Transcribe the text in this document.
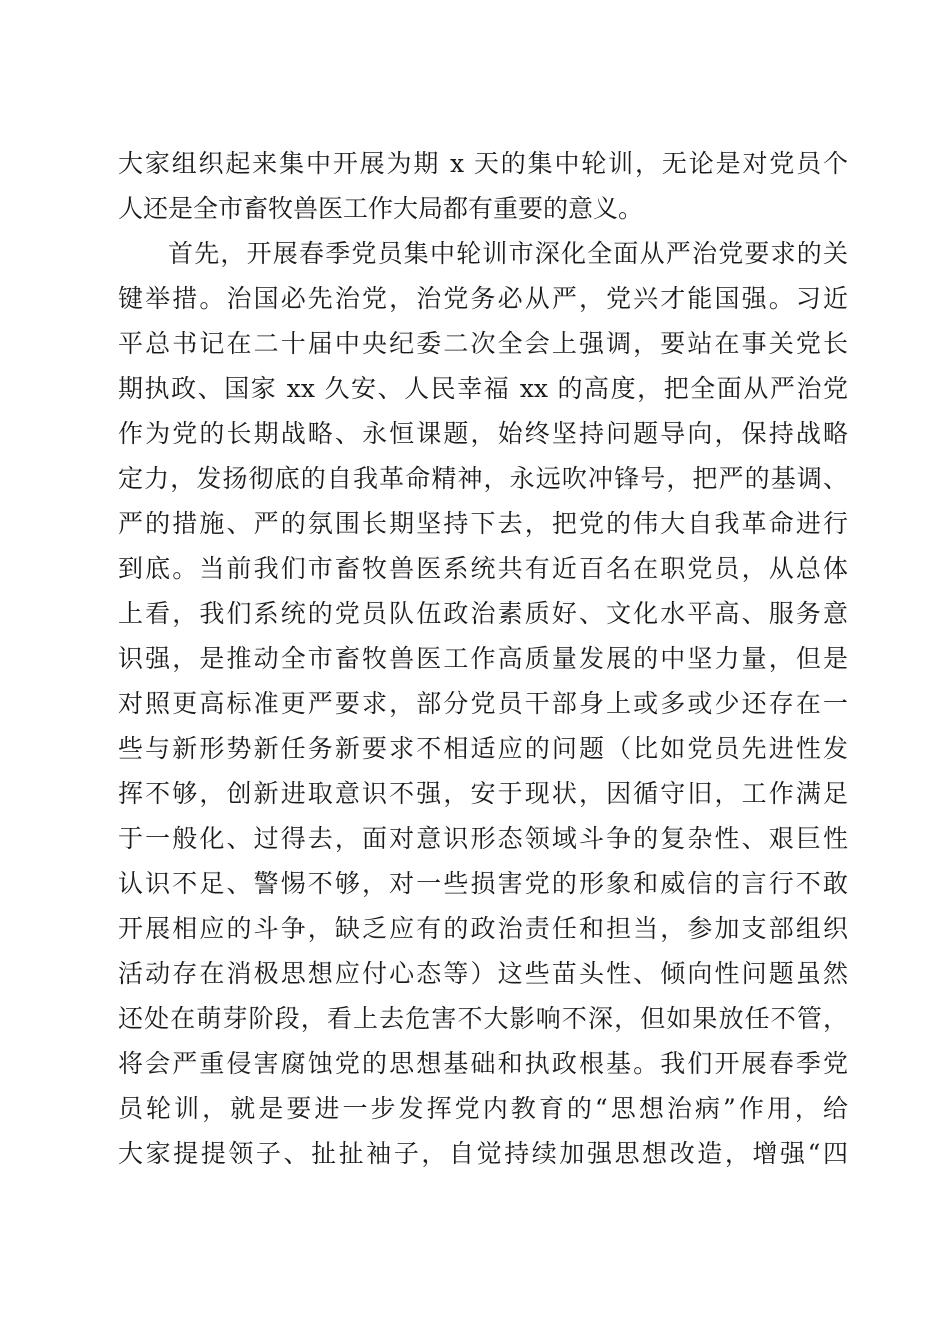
大家组织起来集中开展为期 x 天的集中轮训，无论是对党员个
人还是全市畜牧兽医工作大局都有重要的意义。
首先，开展春季党员集中轮训市深化全面从严治党要求的关
键举措。治国必先治党，治党务必从严，党兴才能国强。习近
平总书记在二十届中央纪委二次全会上强调，要站在事关党长
期执政、国家 xx 久安、人民幸福 xx 的高度，把全面从严治党
作为党的长期战略、永恒课题，始终坚持问题导向，保持战略
定力，发扬彻底的自我革命精神，永远吹冲锋号，把严的基调、
严的措施、严的氛围长期坚持下去，把党的伟大自我革命进行
到底。当前我们市畜牧兽医系统共有近百名在职党员，从总体
上看，我们系统的党员队伍政治素质好、文化水平高、服务意
识强，是推动全市畜牧兽医工作高质量发展的中坚力量，但是
对照更高标准更严要求，部分党员干部身上或多或少还存在一
些与新形势新任务新要求不相适应的问题（比如党员先进性发
挥不够，创新进取意识不强，安于现状，因循守旧，工作满足
于一般化、过得去，面对意识形态领域斗争的复杂性、艰巨性
认识不足、警惕不够，对一些损害党的形象和威信的言行不敢
开展相应的斗争，缺乏应有的政治责任和担当，参加支部组织
活动存在消极思想应付心态等）这些苗头性、倾向性问题虽然
还处在萌芽阶段，看上去危害不大影响不深，但如果放任不管，
将会严重侵害腐蚀党的思想基础和执政根基。我们开展春季党
员轮训，就是要进一步发挥党内教育的“思想治病”作用，给
大家提提领子、扯扯袖子，自觉持续加强思想改造，增强“四
